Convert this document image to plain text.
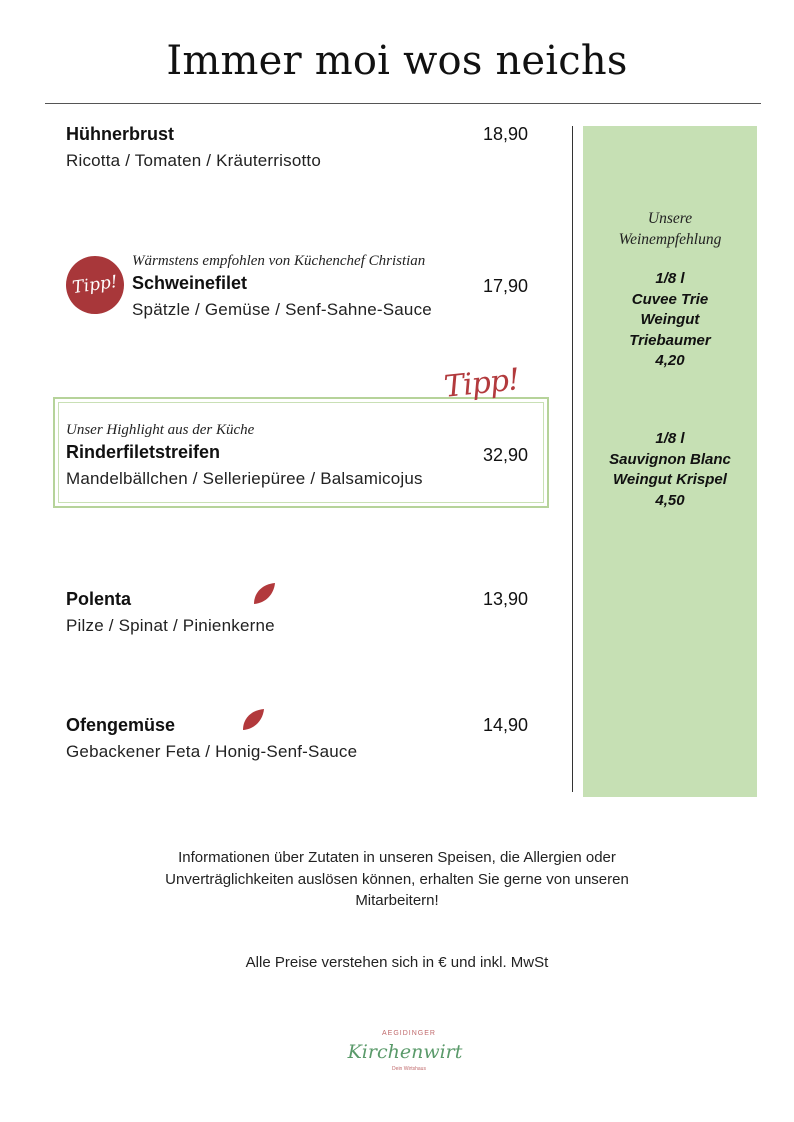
Immer moi wos neichs
Hühnerbrust
Ricotta / Tomaten / Kräuterrisotto
18,90
Tipp!
Wärmstens empfohlen von Küchenchef Christian
Schweinefilet
Spätzle / Gemüse / Senf-Sahne-Sauce
17,90
Tipp!
Unser Highlight aus der Küche
Rinderfiletstreifen
Mandelbällchen / Selleriepüree / Balsamicojus
32,90
Polenta
Pilze / Spinat / Pinienkerne
13,90
Ofengemüse
Gebackener Feta / Honig-Senf-Sauce
14,90
Unsere
Weinempfehlung
1/8 l
Cuvee Trie
Weingut
Triebaumer
4,20
1/8 l
Sauvignon Blanc
Weingut Krispel
4,50
Informationen über Zutaten in unseren Speisen, die Allergien oder
Unverträglichkeiten auslösen können, erhalten Sie gerne von unseren
Mitarbeitern!
Alle Preise verstehen sich in € und inkl. MwSt
AEGIDINGER
Kirchenwirt
Dein Wirtshaus
